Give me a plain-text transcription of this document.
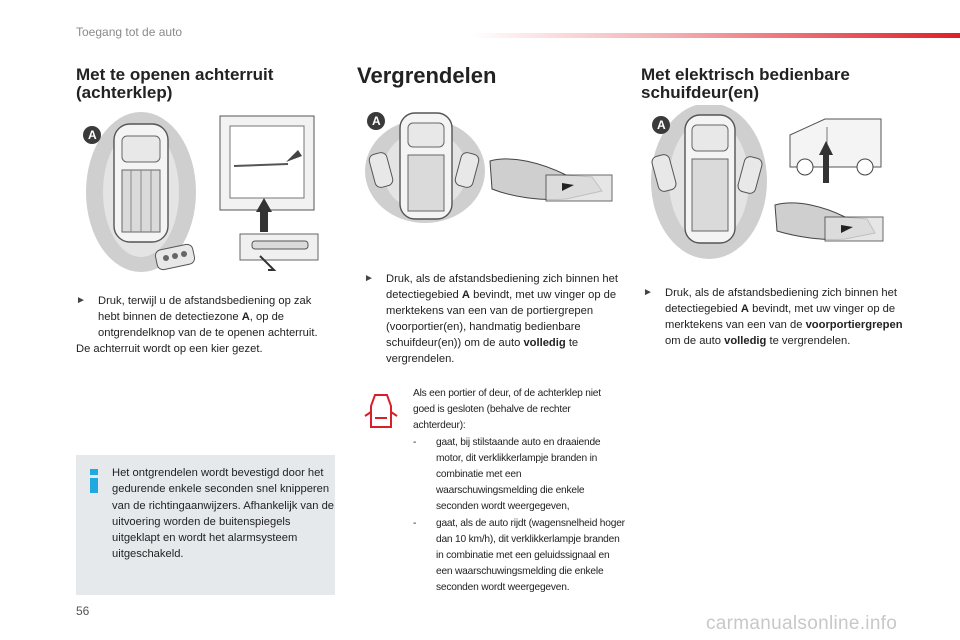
Toegang tot de auto
Met te openen achterruit (achterklep)
Vergrendelen	Met elektrisch bedienbare schuifdeur(en)
A
A	A
►	Druk, terwijl u de afstandsbediening op zak hebt binnen de detectiezone A, op de ontgrendelknop van de te openen achterruit.
De achterruit wordt op een kier gezet.
Het ontgrendelen wordt bevestigd door het gedurende enkele seconden snel knipperen van de richtingaanwijzers. Afhankelijk van de uitvoering worden de buitenspiegels uitgeklapt en wordt het alarmsysteem uitgeschakeld.
►	Druk, als de afstandsbediening zich binnen het detectiegebied A bevindt, met uw vinger op de merktekens van een van de portiergrepen (voorportier(en), handmatig bedienbare schuifdeur(en)) om de auto volledig te vergrendelen.
Als een portier of deur, of de achterklep niet goed is gesloten (behalve de rechter achterdeur):
-	gaat, bij stilstaande auto en draaiende motor, dit verklikkerlampje branden in combinatie met een waarschuwingsmelding die enkele seconden wordt weergegeven,
-	gaat, als de auto rijdt (wagensnelheid hoger dan 10 km/h), dit verklikkerlampje branden in combinatie met een geluidssignaal en een waarschuwingsmelding die enkele seconden wordt weergegeven.
►	Druk, als de afstandsbediening zich binnen het detectiegebied A bevindt, met uw vinger op de merktekens van een van de voorportiergrepen om de auto volledig te vergrendelen.
56
carmanualsonline.info
